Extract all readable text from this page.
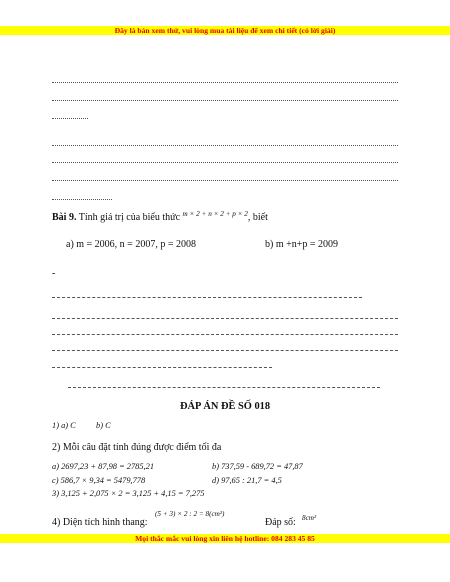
Đây là bản xem thử, vui lòng mua tài liệu để xem chi tiết (có lời giải)
Bài 9. Tính giá trị của biểu thức $^{m \times 2 + n \times 2 + p \times 2}$, biết
a) m = 2006, n = 2007, p = 2008	b) m +n+p = 2009
-
ĐÁP ÁN ĐỀ SỐ 018
1) a) C b) C
2) Mỗi câu đặt tính đúng được điểm tối đa
a) 2697,23 + 87,98 = 2785,21	b) 737,59 - 689,72 = 47,87
c) 586,7 × 9,34 = 5479,778	d) 97,65 : 21,7 = 4,5
3) 3,125 + 2,075 × 2 = 3,125 + 4,15 = 7,275
4) Diện tích hình thang:
(5 + 3) × 2 : 2 = 8(cm²)
Đáp số: 8cm²
Mọi thắc mắc vui lòng xin liên hệ hotline: 084 283 45 85
